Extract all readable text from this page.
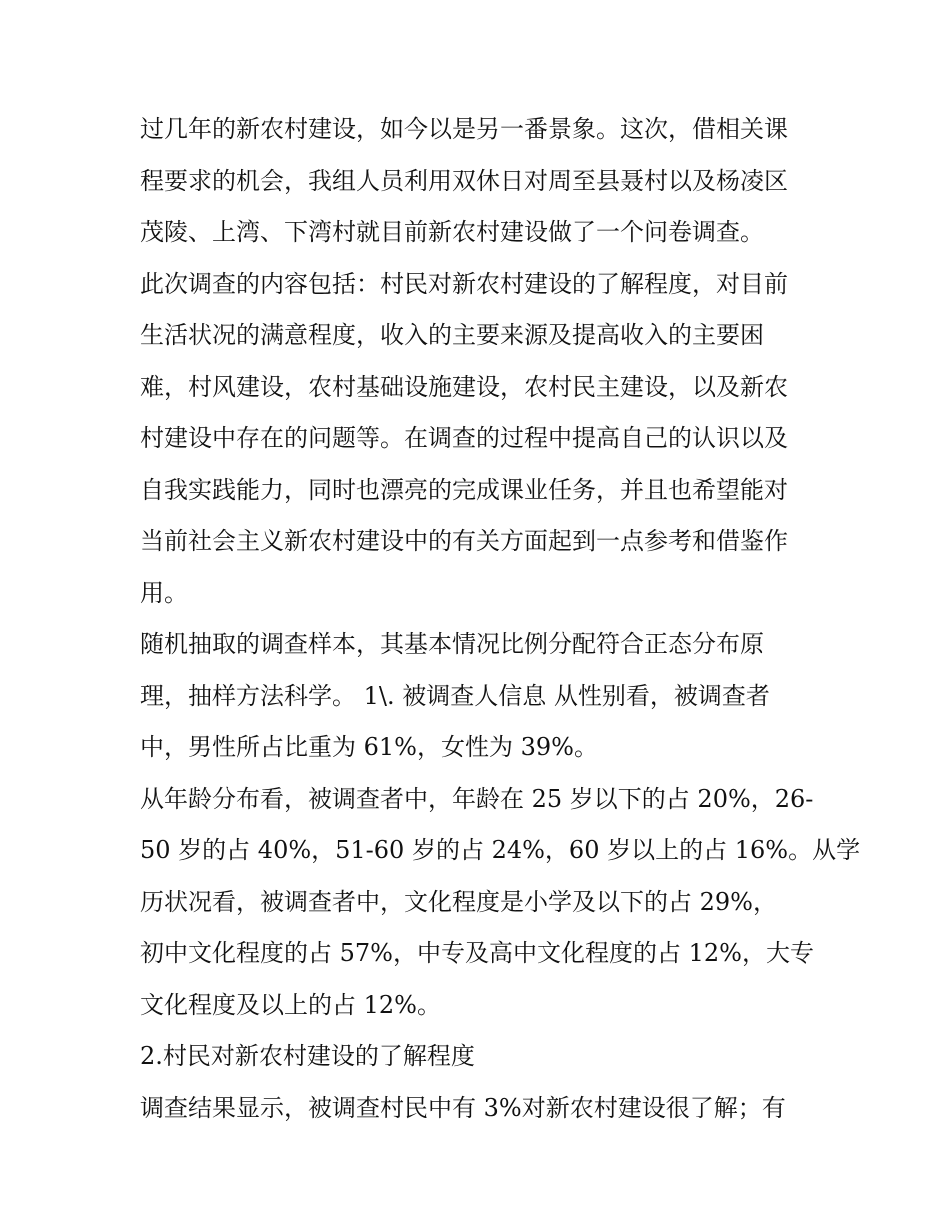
过几年的新农村建设，如今以是另一番景象。这次，借相关课
程要求的机会，我组人员利用双休日对周至县聂村以及杨凌区
茂陵、上湾、下湾村就目前新农村建设做了一个问卷调查。
此次调查的内容包括：村民对新农村建设的了解程度，对目前
生活状况的满意程度，收入的主要来源及提高收入的主要困
难，村风建设，农村基础设施建设，农村民主建设，以及新农
村建设中存在的问题等。在调查的过程中提高自己的认识以及
自我实践能力，同时也漂亮的完成课业任务，并且也希望能对
当前社会主义新农村建设中的有关方面起到一点参考和借鉴作
用。
随机抽取的调查样本，其基本情况比例分配符合正态分布原
理，抽样方法科学。 1\. 被调查人信息 从性别看，被调查者
中，男性所占比重为 61%，女性为 39%。
从年龄分布看，被调查者中，年龄在 25 岁以下的占 20%，26-
50 岁的占 40%，51-60 岁的占 24%，60 岁以上的占 16%。从学
历状况看，被调查者中，文化程度是小学及以下的占 29%，
初中文化程度的占 57%，中专及高中文化程度的占 12%，大专
文化程度及以上的占 12%。
2.村民对新农村建设的了解程度
调查结果显示，被调查村民中有 3%对新农村建设很了解；有
